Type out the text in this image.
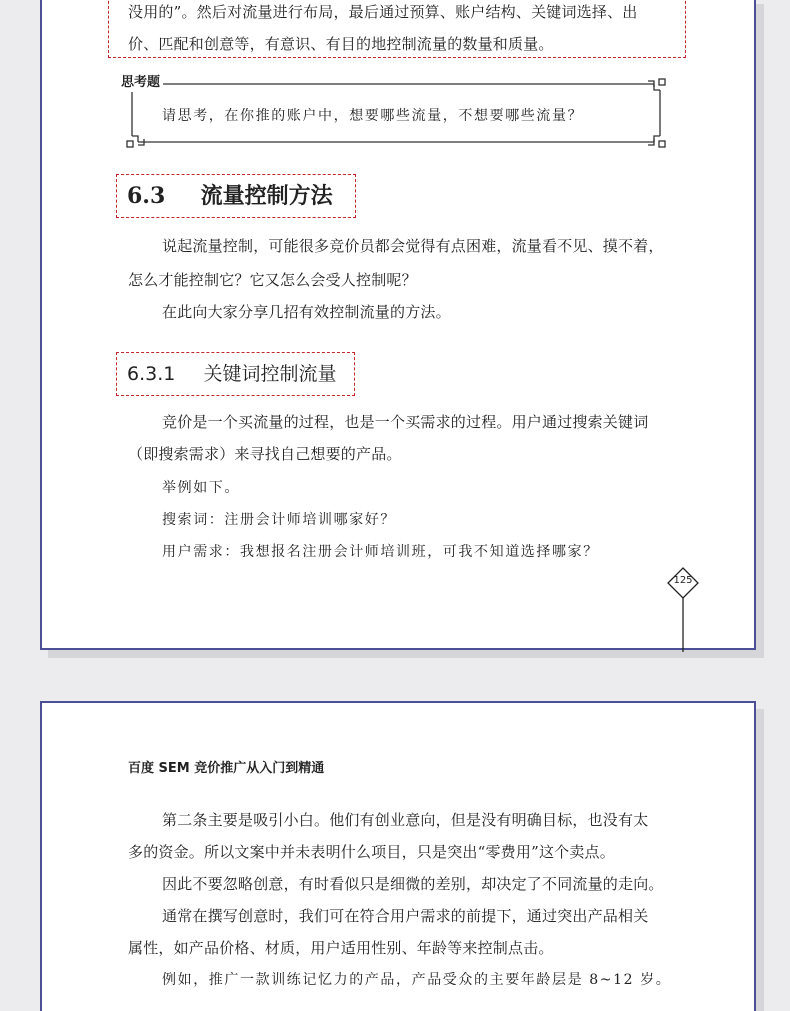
没用的”。然后对流量进行布局，最后通过预算、账户结构、关键词选择、出
价、匹配和创意等，有意识、有目的地控制流量的数量和质量。
思考题
请思考，在你推的账户中，想要哪些流量，不想要哪些流量？
6.3 流量控制方法
说起流量控制，可能很多竞价员都会觉得有点困难，流量看不见、摸不着，
怎么才能控制它？它又怎么会受人控制呢？
在此向大家分享几招有效控制流量的方法。
6.3.1 关键词控制流量
竞价是一个买流量的过程，也是一个买需求的过程。用户通过搜索关键词
（即搜索需求）来寻找自己想要的产品。
举例如下。
搜索词：注册会计师培训哪家好？
用户需求：我想报名注册会计师培训班，可我不知道选择哪家？
125
百度 SEM 竞价推广从入门到精通
第二条主要是吸引小白。他们有创业意向，但是没有明确目标，也没有太
多的资金。所以文案中并未表明什么项目，只是突出“零费用”这个卖点。
因此不要忽略创意，有时看似只是细微的差别，却决定了不同流量的走向。
通常在撰写创意时，我们可在符合用户需求的前提下，通过突出产品相关
属性，如产品价格、材质，用户适用性别、年龄等来控制点击。
例如，推广一款训练记忆力的产品，产品受众的主要年龄层是 8~12 岁。
